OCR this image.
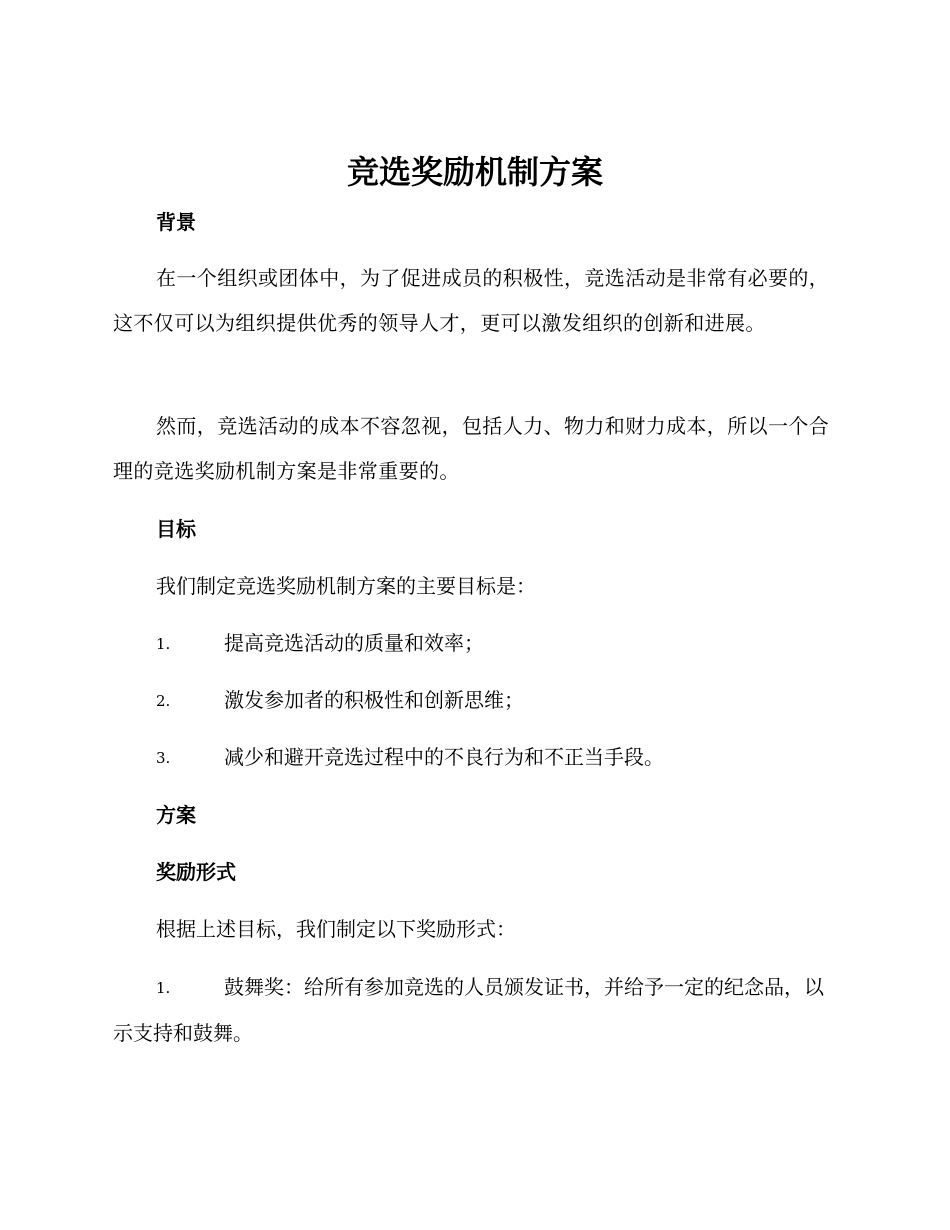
竞选奖励机制方案
背景

在一个组织或团体中，为了促进成员的积极性，竞选活动是非常有必要的，这不仅可以为组织提供优秀的领导人才，更可以激发组织的创新和进展。

然而，竞选活动的成本不容忽视，包括人力、物力和财力成本，所以一个合理的竞选奖励机制方案是非常重要的。

目标
我们制定竞选奖励机制方案的主要目标是：
1.	提高竞选活动的质量和效率；
2.	激发参加者的积极性和创新思维；
3.	减少和避开竞选过程中的不良行为和不正当手段。
方案
奖励形式
根据上述目标，我们制定以下奖励形式：

1.	鼓舞奖：给所有参加竞选的人员颁发证书，并给予一定的纪念品，以示支持和鼓舞。
